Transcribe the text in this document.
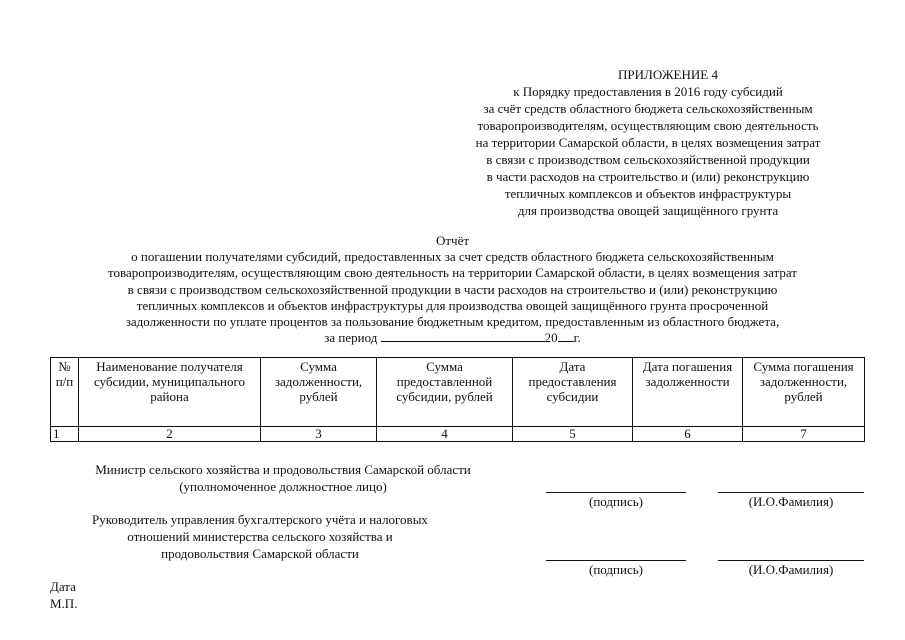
ПРИЛОЖЕНИЕ 4
к Порядку предоставления в 2016 году субсидий
за счёт средств областного бюджета сельскохозяйственным
товаропроизводителям, осуществляющим свою деятельность
на территории Самарской области, в целях возмещения затрат
в связи с производством сельскохозяйственной продукции
в части расходов на строительство и (или) реконструкцию
тепличных комплексов и объектов инфраструктуры
для производства овощей защищённого грунта
Отчёт
о погашении получателями субсидий, предоставленных за счет средств областного бюджета сельскохозяйственным
товаропроизводителям, осуществляющим свою деятельность на территории Самарской области, в целях возмещения затрат
в связи с производством сельскохозяйственной продукции в части расходов на строительство и (или) реконструкцию
тепличных комплексов и объектов инфраструктуры для производства овощей защищённого грунта просроченной
задолженности по уплате процентов за пользование бюджетным кредитом, предоставленным из областного бюджета,
за период	20 г.
№ п/п	Наименование получателя субсидии, муниципального района	Сумма задолженности, рублей	Сумма предоставленной субсидии, рублей	Дата предоставления субсидии	Дата погашения задолженности	Сумма погашения задолженности, рублей
1	2	3	4	5	6	7
Министр сельского хозяйства и продовольствия Самарской области
(уполномоченное должностное лицо)
(подпись)	(И.О.Фамилия)
Руководитель управления бухгалтерского учёта и налоговых
отношений министерства сельского хозяйства и
продовольствия Самарской области
(подпись)	(И.О.Фамилия)
Дата
М.П.
